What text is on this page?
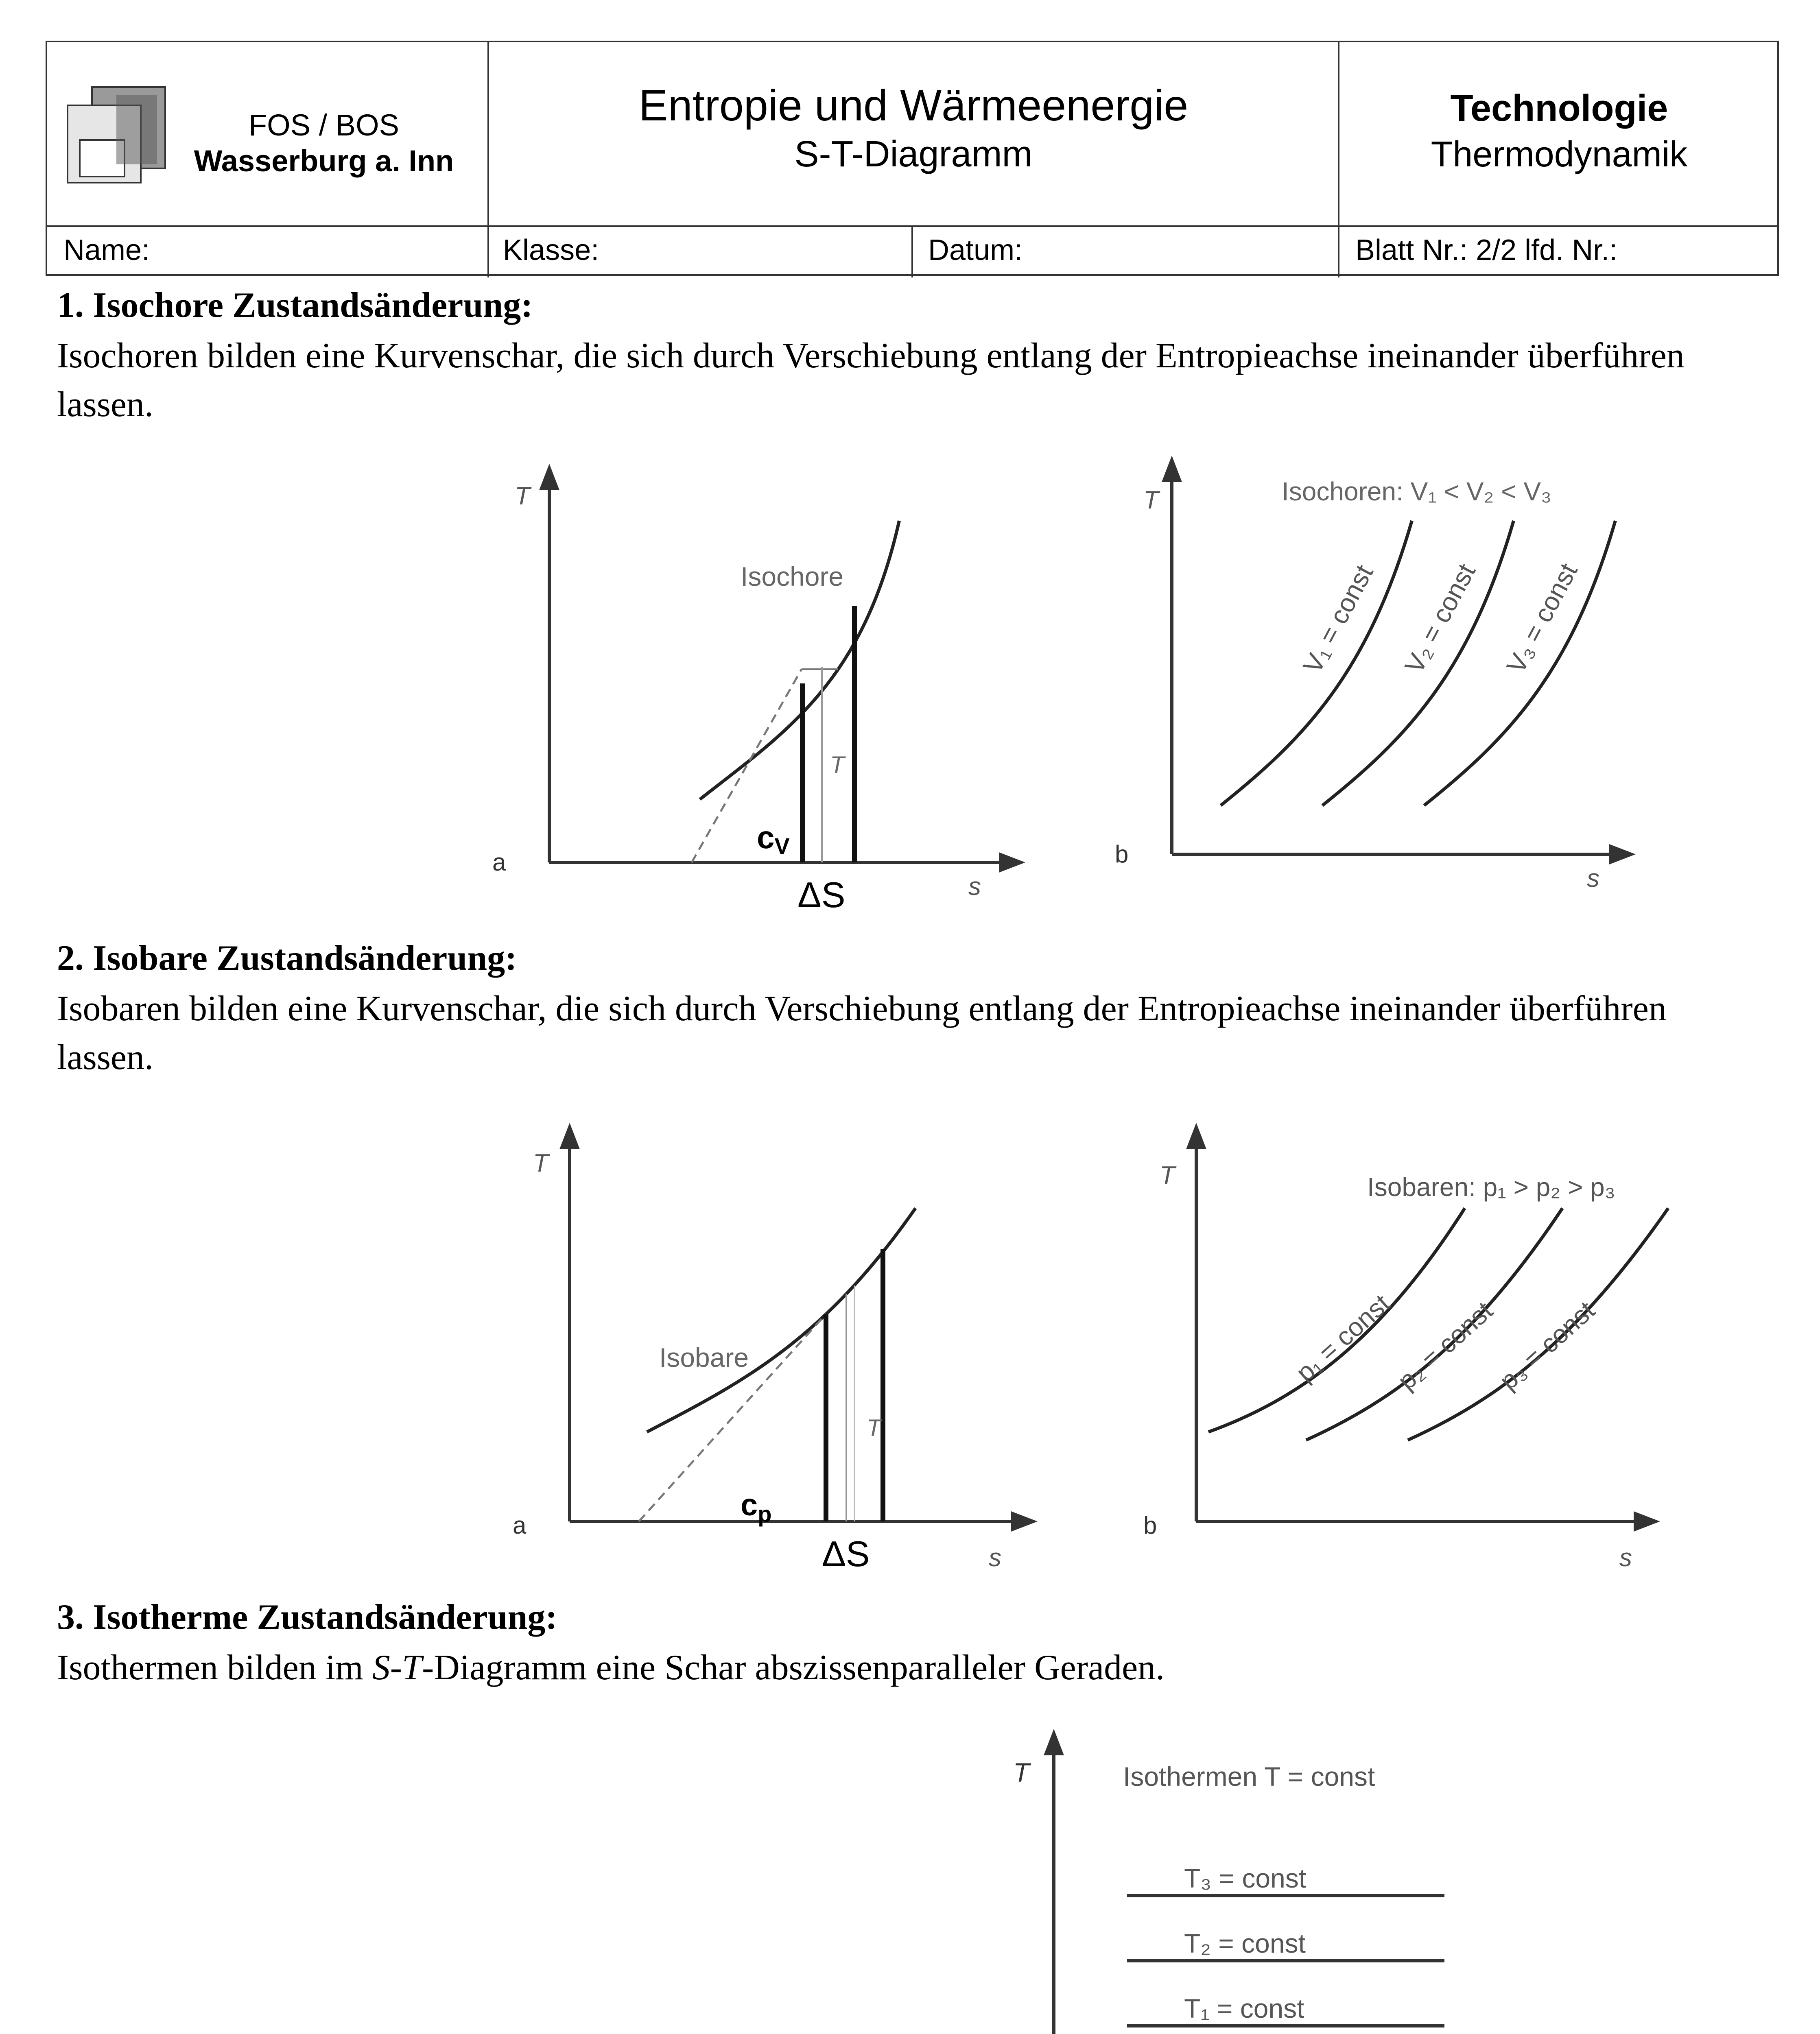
FOS / BOS
Wasserburg a. Inn
Entropie und Wärmeenergie
S-T-Diagramm
Technologie
Thermodynamik
Name:	Klasse:	Datum:	Blatt Nr.: 2/2 lfd. Nr.:
1. Isochore Zustandsänderung:
Isochoren bilden eine Kurvenschar, die sich durch Verschiebung entlang der Entropieachse ineinander überführen lassen.
T
s
a
Isochore
T
cV
ΔS
T
s
b
Isochoren: V₁ < V₂ < V₃
V₁ = const V₂ = const V₃ = const
2. Isobare Zustandsänderung:
Isobaren bilden eine Kurvenschar, die sich durch Verschiebung entlang der Entropieachse ineinander überführen lassen.
T
s
a
Isobare
T
$c_p$
ΔS
T
s
b
Isobaren: p₁ > p₂ > p₃
p₁ = const
p₂ = const
p₃ = const
3. Isotherme Zustandsänderung:
Isothermen bilden im S-T-Diagramm eine Schar abszissenparalleler Geraden.
T	Isothermen T = const
T₃ = const
T₂ = const
T₁ = const
